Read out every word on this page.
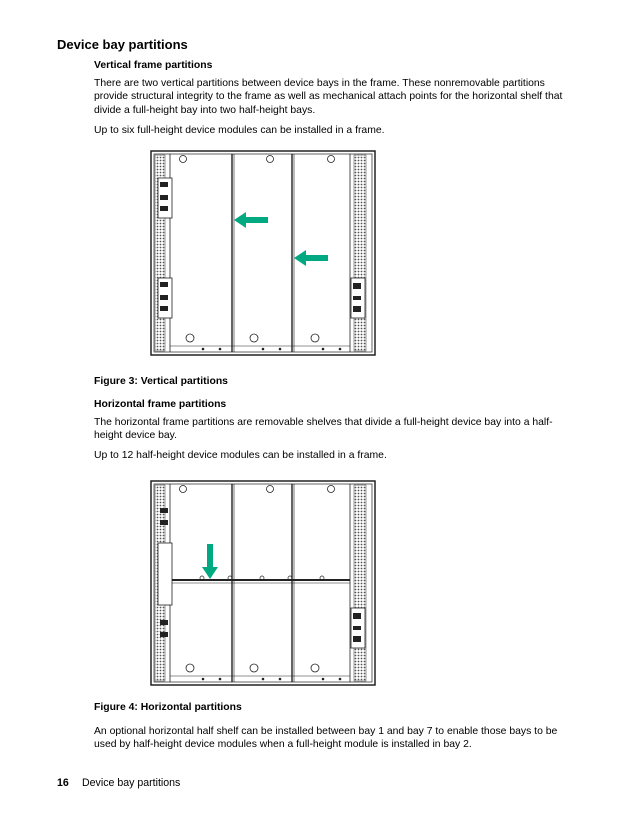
Device bay partitions

Vertical frame partitions

There are two vertical partitions between device bays in the frame. These nonremovable partitions provide structural integrity to the frame as well as mechanical attach points for the horizontal shelf that divide a full-height bay into two half-height bays.

Up to six full-height device modules can be installed in a frame.

Figure 3: Vertical partitions

Horizontal frame partitions

The horizontal frame partitions are removable shelves that divide a full-height device bay into a half-height device bay.

Up to 12 half-height device modules can be installed in a frame.

Figure 4: Horizontal partitions

An optional horizontal half shelf can be installed between bay 1 and bay 7 to enable those bays to be used by half-height device modules when a full-height module is installed in bay 2.

16 Device bay partitions
